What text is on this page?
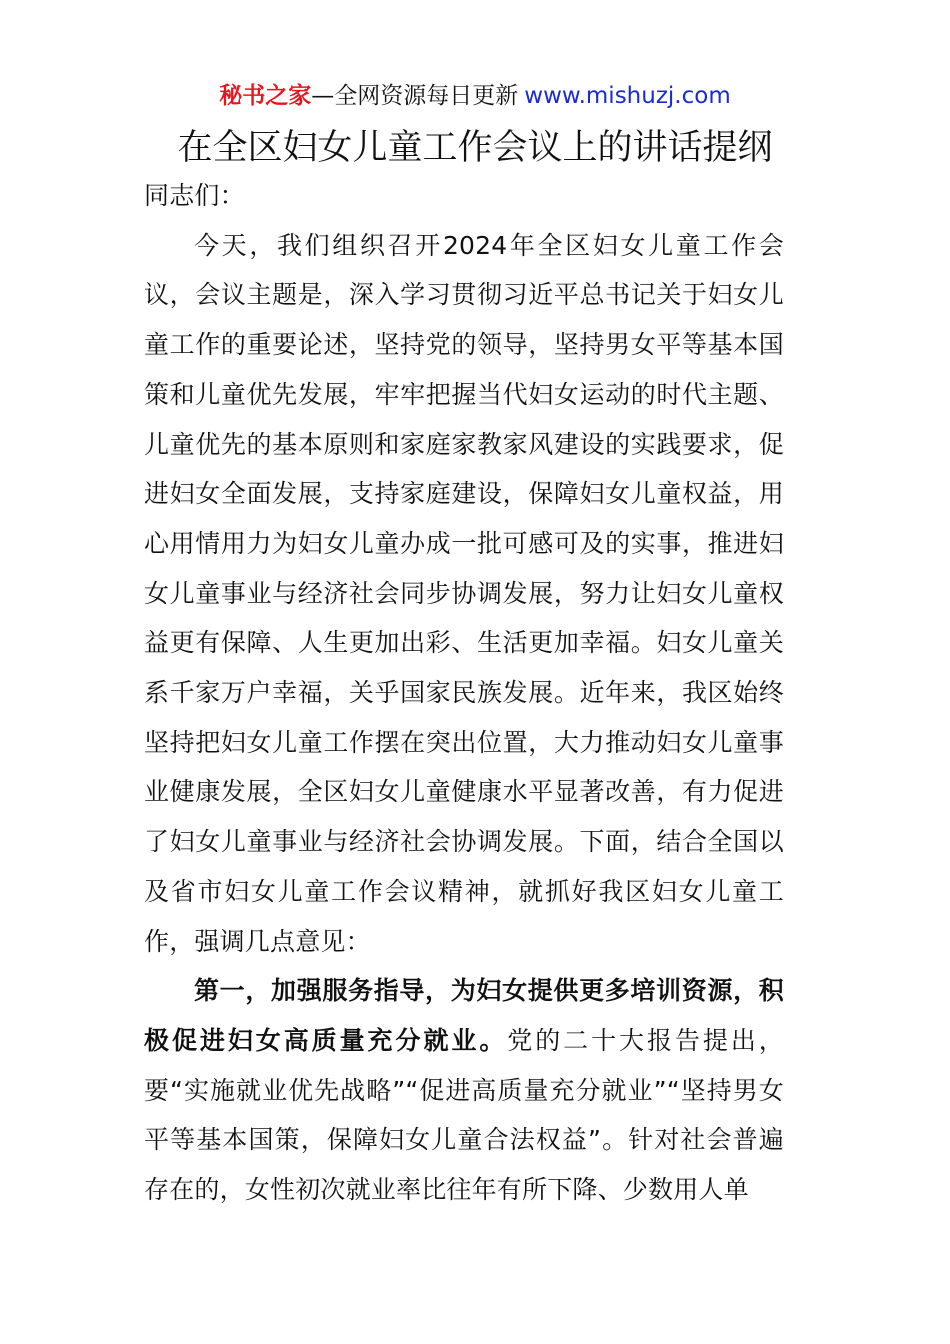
秘书之家—全网资源每日更新 www.mishuzj.com
在全区妇女儿童工作会议上的讲话提纲

同志们：

今天，我们组织召开2024年全区妇女儿童工作会议，会议主题是，深入学习贯彻习近平总书记关于妇女儿童工作的重要论述，坚持党的领导，坚持男女平等基本国策和儿童优先发展，牢牢把握当代妇女运动的时代主题、儿童优先的基本原则和家庭家教家风建设的实践要求，促进妇女全面发展，支持家庭建设，保障妇女儿童权益，用心用情用力为妇女儿童办成一批可感可及的实事，推进妇女儿童事业与经济社会同步协调发展，努力让妇女儿童权益更有保障、人生更加出彩、生活更加幸福。妇女儿童关系千家万户幸福，关乎国家民族发展。近年来，我区始终坚持把妇女儿童工作摆在突出位置，大力推动妇女儿童事业健康发展，全区妇女儿童健康水平显著改善，有力促进了妇女儿童事业与经济社会协调发展。下面，结合全国以及省市妇女儿童工作会议精神，就抓好我区妇女儿童工作，强调几点意见：

第一，加强服务指导，为妇女提供更多培训资源，积极促进妇女高质量充分就业。党的二十大报告提出，要“实施就业优先战略”“促进高质量充分就业”“坚持男女平等基本国策，保障妇女儿童合法权益”。针对社会普遍存在的，女性初次就业率比往年有所下降、少数用人单
